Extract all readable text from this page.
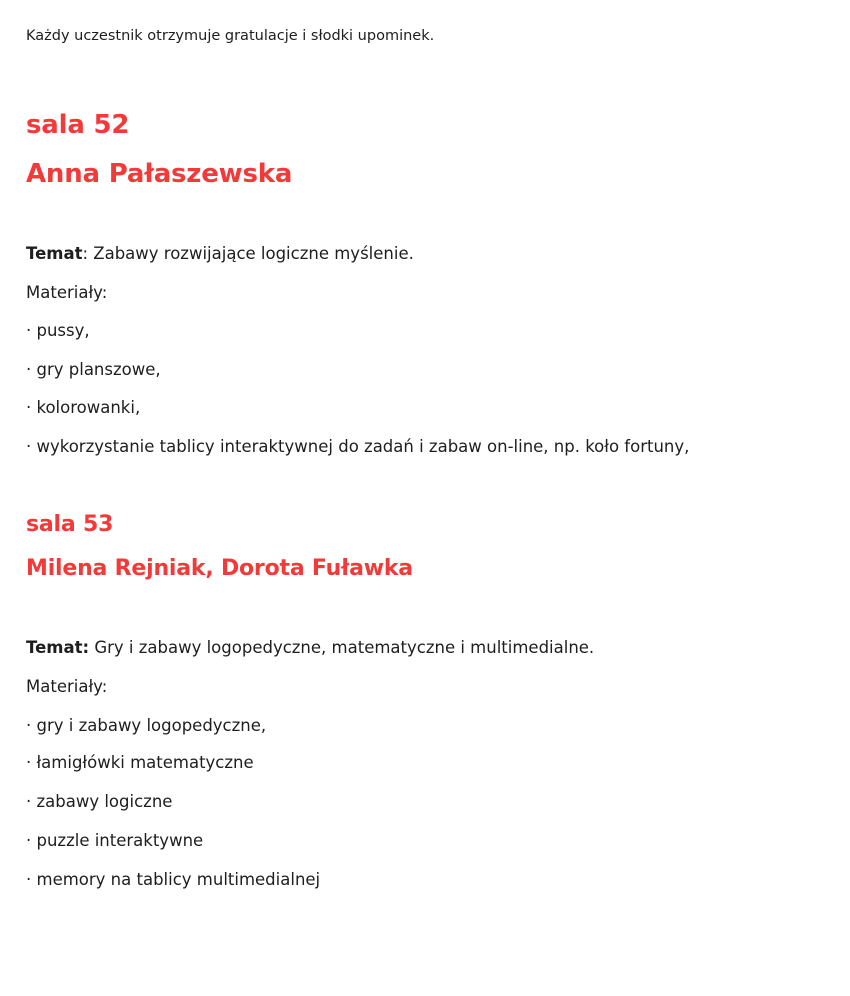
Każdy uczestnik otrzymuje gratulacje i słodki upominek.
sala 52
Anna Pałaszewska
Temat: Zabawy rozwijające logiczne myślenie.
Materiały:
· pussy,
· gry planszowe,
· kolorowanki,
· wykorzystanie tablicy interaktywnej do zadań i zabaw on-line, np. koło fortuny,
sala 53
Milena Rejniak, Dorota Fuławka
Temat: Gry i zabawy logopedyczne, matematyczne i multimedialne.
Materiały:
· gry i zabawy logopedyczne,
· łamigłówki matematyczne
· zabawy logiczne
· puzzle interaktywne
· memory na tablicy multimedialnej
